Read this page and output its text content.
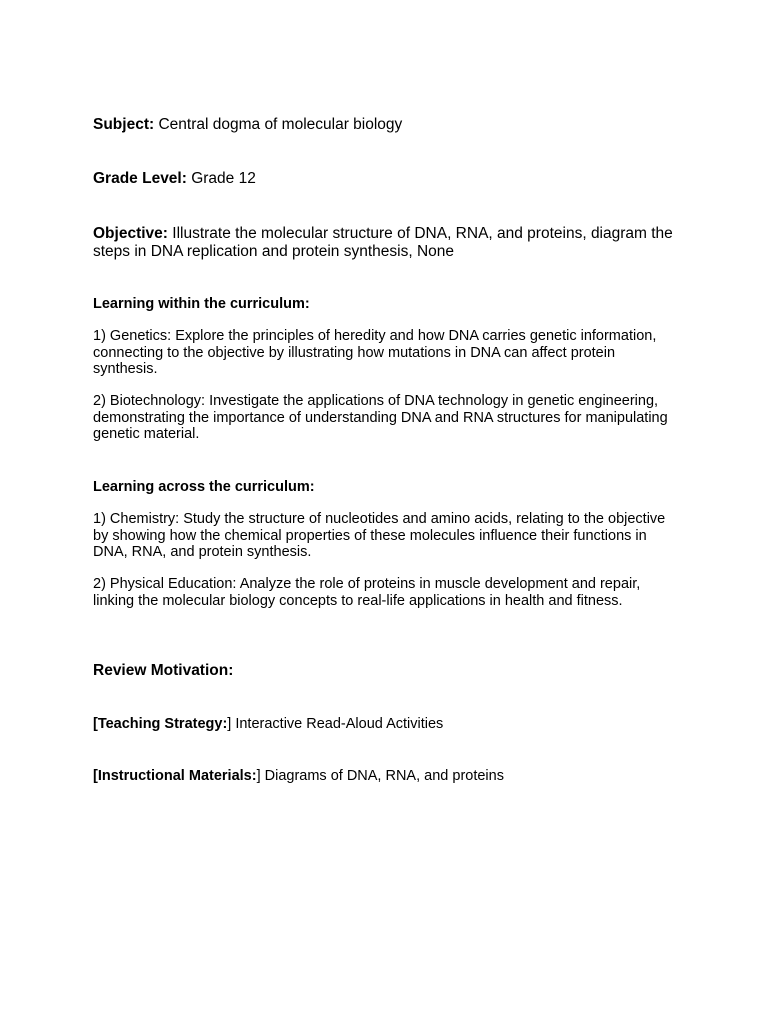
Subject: Central dogma of molecular biology

Grade Level: Grade 12

Objective: Illustrate the molecular structure of DNA, RNA, and proteins, diagram the steps in DNA replication and protein synthesis, None

Learning within the curriculum:

1) Genetics: Explore the principles of heredity and how DNA carries genetic information, connecting to the objective by illustrating how mutations in DNA can affect protein synthesis.

2) Biotechnology: Investigate the applications of DNA technology in genetic engineering, demonstrating the importance of understanding DNA and RNA structures for manipulating genetic material.

Learning across the curriculum:

1) Chemistry: Study the structure of nucleotides and amino acids, relating to the objective by showing how the chemical properties of these molecules influence their functions in DNA, RNA, and protein synthesis.

2) Physical Education: Analyze the role of proteins in muscle development and repair, linking the molecular biology concepts to real-life applications in health and fitness.

Review Motivation:

[Teaching Strategy:] Interactive Read-Aloud Activities

[Instructional Materials:] Diagrams of DNA, RNA, and proteins
